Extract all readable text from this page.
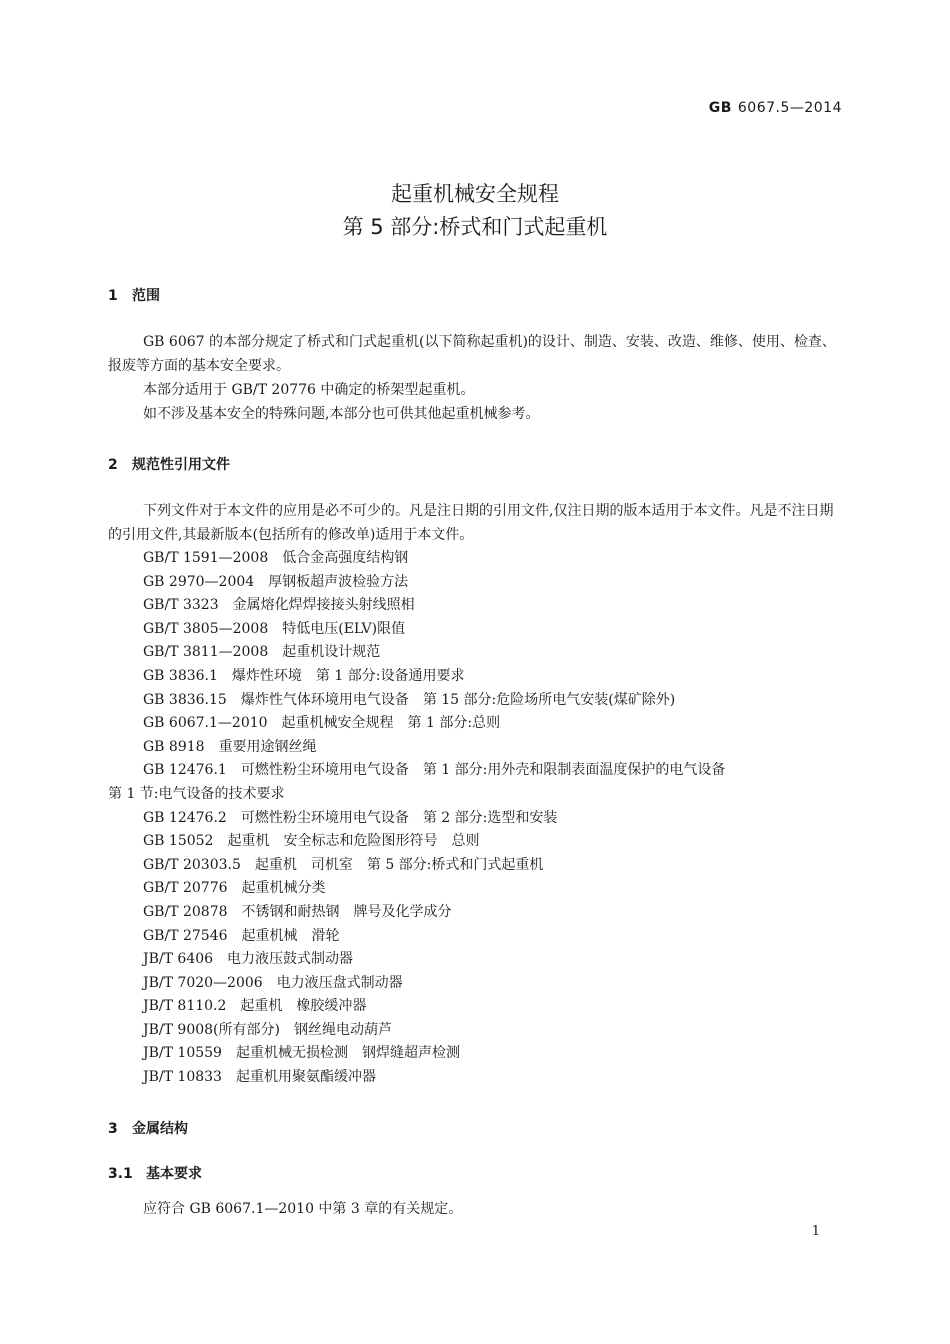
GB 6067.5—2014
起重机械安全规程
第 5 部分:桥式和门式起重机
1 范围
GB 6067 的本部分规定了桥式和门式起重机(以下简称起重机)的设计、制造、安装、改造、维修、使用、检查、报废等方面的基本安全要求。
本部分适用于 GB/T 20776 中确定的桥架型起重机。
如不涉及基本安全的特殊问题,本部分也可供其他起重机械参考。
2 规范性引用文件
下列文件对于本文件的应用是必不可少的。凡是注日期的引用文件,仅注日期的版本适用于本文件。凡是不注日期的引用文件,其最新版本(包括所有的修改单)适用于本文件。
GB/T 1591—2008 低合金高强度结构钢
GB 2970—2004 厚钢板超声波检验方法
GB/T 3323 金属熔化焊焊接接头射线照相
GB/T 3805—2008 特低电压(ELV)限值
GB/T 3811—2008 起重机设计规范
GB 3836.1 爆炸性环境　第 1 部分:设备通用要求
GB 3836.15 爆炸性气体环境用电气设备　第 15 部分:危险场所电气安装(煤矿除外)
GB 6067.1—2010 起重机械安全规程　第 1 部分:总则
GB 8918 重要用途钢丝绳
GB 12476.1 可燃性粉尘环境用电气设备　第 1 部分:用外壳和限制表面温度保护的电气设备
第 1 节:电气设备的技术要求
GB 12476.2 可燃性粉尘环境用电气设备　第 2 部分:选型和安装
GB 15052 起重机　安全标志和危险图形符号　总则
GB/T 20303.5 起重机　司机室　第 5 部分:桥式和门式起重机
GB/T 20776 起重机械分类
GB/T 20878 不锈钢和耐热钢　牌号及化学成分
GB/T 27546 起重机械　滑轮
JB/T 6406 电力液压鼓式制动器
JB/T 7020—2006 电力液压盘式制动器
JB/T 8110.2 起重机　橡胶缓冲器
JB/T 9008(所有部分) 钢丝绳电动葫芦
JB/T 10559 起重机械无损检测　钢焊缝超声检测
JB/T 10833 起重机用聚氨酯缓冲器
3 金属结构
3.1 基本要求
应符合 GB 6067.1—2010 中第 3 章的有关规定。
1
